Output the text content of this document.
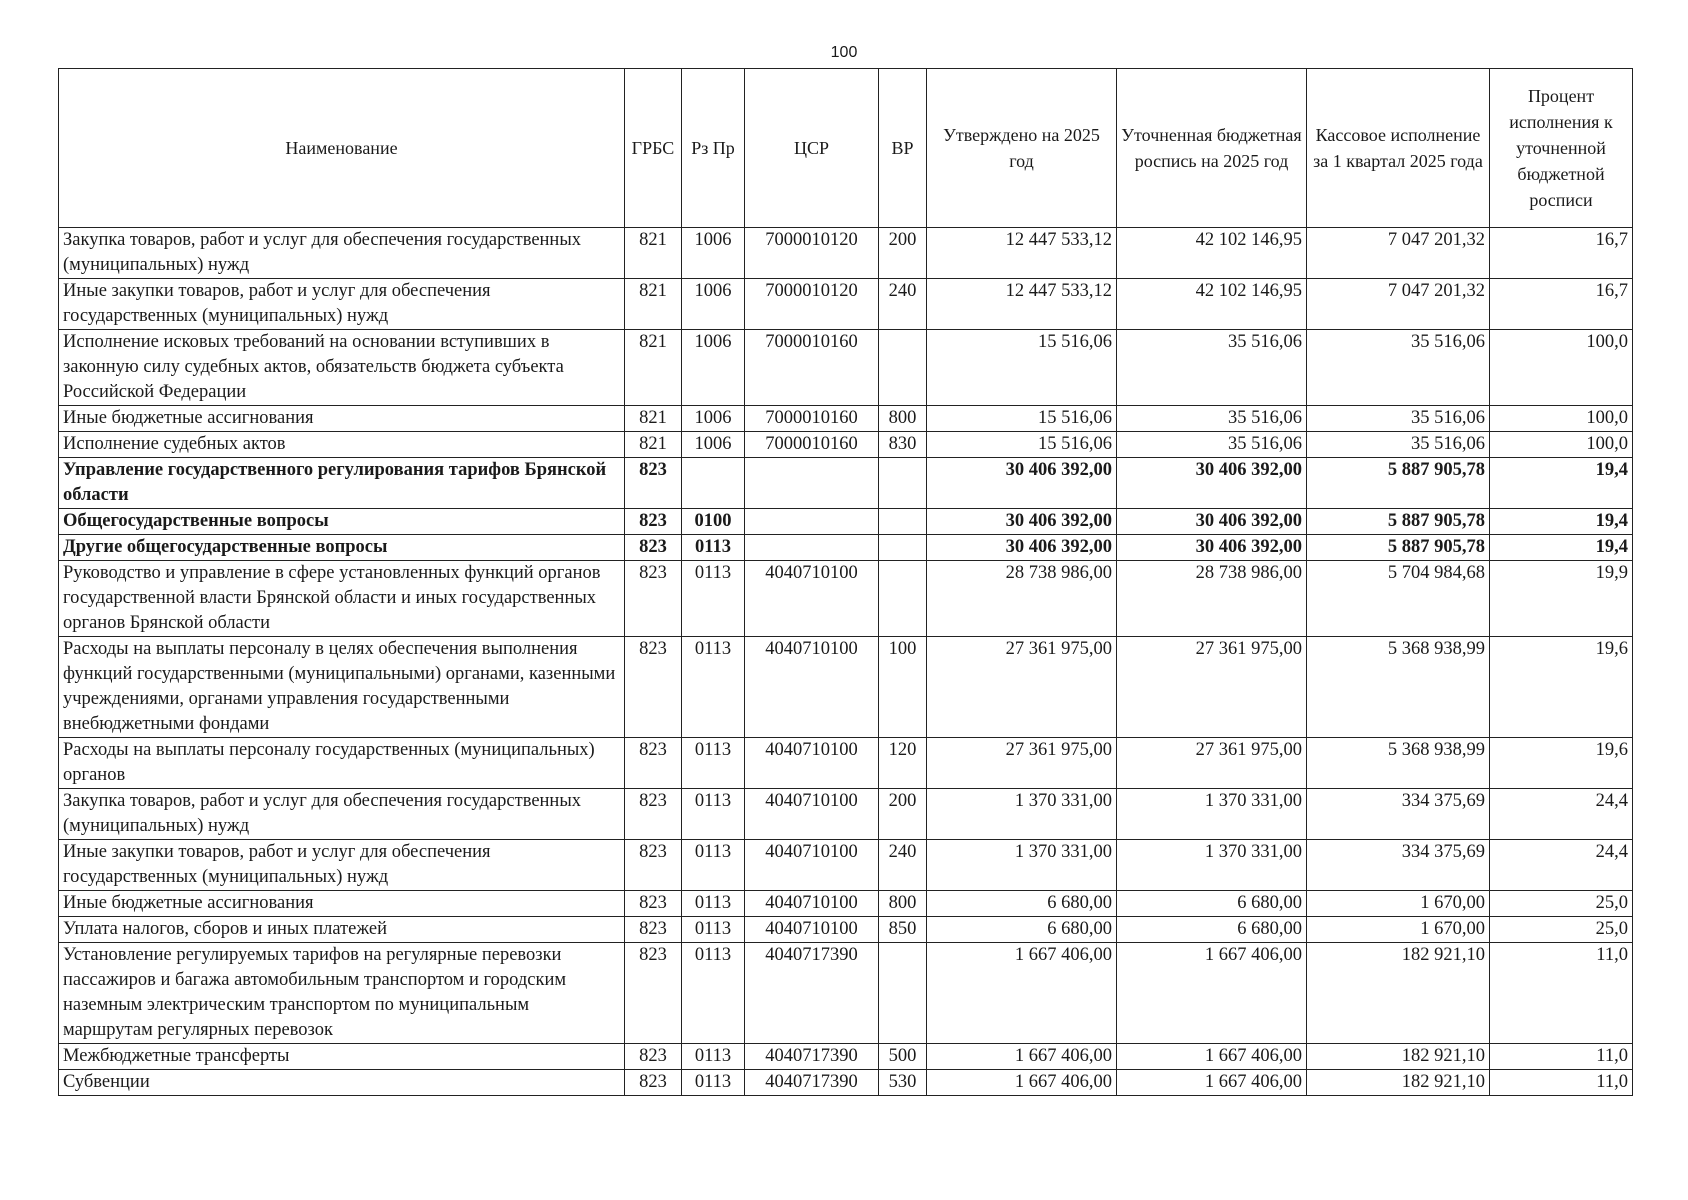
100
Наименование	ГРБС	Рз Пр	ЦСР	ВР	Утверждено на 2025 год	Уточненная бюджетная роспись на 2025 год	Кассовое исполнение за 1 квартал 2025 года	Процент исполнения к уточненной бюджетной росписи
Закупка товаров, работ и услуг для обеспечения государственных (муниципальных) нужд	821	1006	7000010120	200	12 447 533,12	42 102 146,95	7 047 201,32	16,7
Иные закупки товаров, работ и услуг для обеспечения государственных (муниципальных) нужд	821	1006	7000010120	240	12 447 533,12	42 102 146,95	7 047 201,32	16,7
Исполнение исковых требований на основании вступивших в законную силу судебных актов, обязательств бюджета субъекта Российской Федерации	821	1006	7000010160		15 516,06	35 516,06	35 516,06	100,0
Иные бюджетные ассигнования	821	1006	7000010160	800	15 516,06	35 516,06	35 516,06	100,0
Исполнение судебных актов	821	1006	7000010160	830	15 516,06	35 516,06	35 516,06	100,0
Управление государственного регулирования тарифов Брянской области	823				30 406 392,00	30 406 392,00	5 887 905,78	19,4
Общегосударственные вопросы	823	0100			30 406 392,00	30 406 392,00	5 887 905,78	19,4
Другие общегосударственные вопросы	823	0113			30 406 392,00	30 406 392,00	5 887 905,78	19,4
Руководство и управление в сфере установленных функций органов государственной власти Брянской области и иных государственных органов Брянской области	823	0113	4040710100		28 738 986,00	28 738 986,00	5 704 984,68	19,9
Расходы на выплаты персоналу в целях обеспечения выполнения функций государственными (муниципальными) органами, казенными учреждениями, органами управления государственными внебюджетными фондами	823	0113	4040710100	100	27 361 975,00	27 361 975,00	5 368 938,99	19,6
Расходы на выплаты персоналу государственных (муниципальных) органов	823	0113	4040710100	120	27 361 975,00	27 361 975,00	5 368 938,99	19,6
Закупка товаров, работ и услуг для обеспечения государственных (муниципальных) нужд	823	0113	4040710100	200	1 370 331,00	1 370 331,00	334 375,69	24,4
Иные закупки товаров, работ и услуг для обеспечения государственных (муниципальных) нужд	823	0113	4040710100	240	1 370 331,00	1 370 331,00	334 375,69	24,4
Иные бюджетные ассигнования	823	0113	4040710100	800	6 680,00	6 680,00	1 670,00	25,0
Уплата налогов, сборов и иных платежей	823	0113	4040710100	850	6 680,00	6 680,00	1 670,00	25,0
Установление регулируемых тарифов на регулярные перевозки пассажиров и багажа автомобильным транспортом и городским наземным электрическим транспортом по муниципальным маршрутам регулярных перевозок	823	0113	4040717390		1 667 406,00	1 667 406,00	182 921,10	11,0
Межбюджетные трансферты	823	0113	4040717390	500	1 667 406,00	1 667 406,00	182 921,10	11,0
Субвенции	823	0113	4040717390	530	1 667 406,00	1 667 406,00	182 921,10	11,0
